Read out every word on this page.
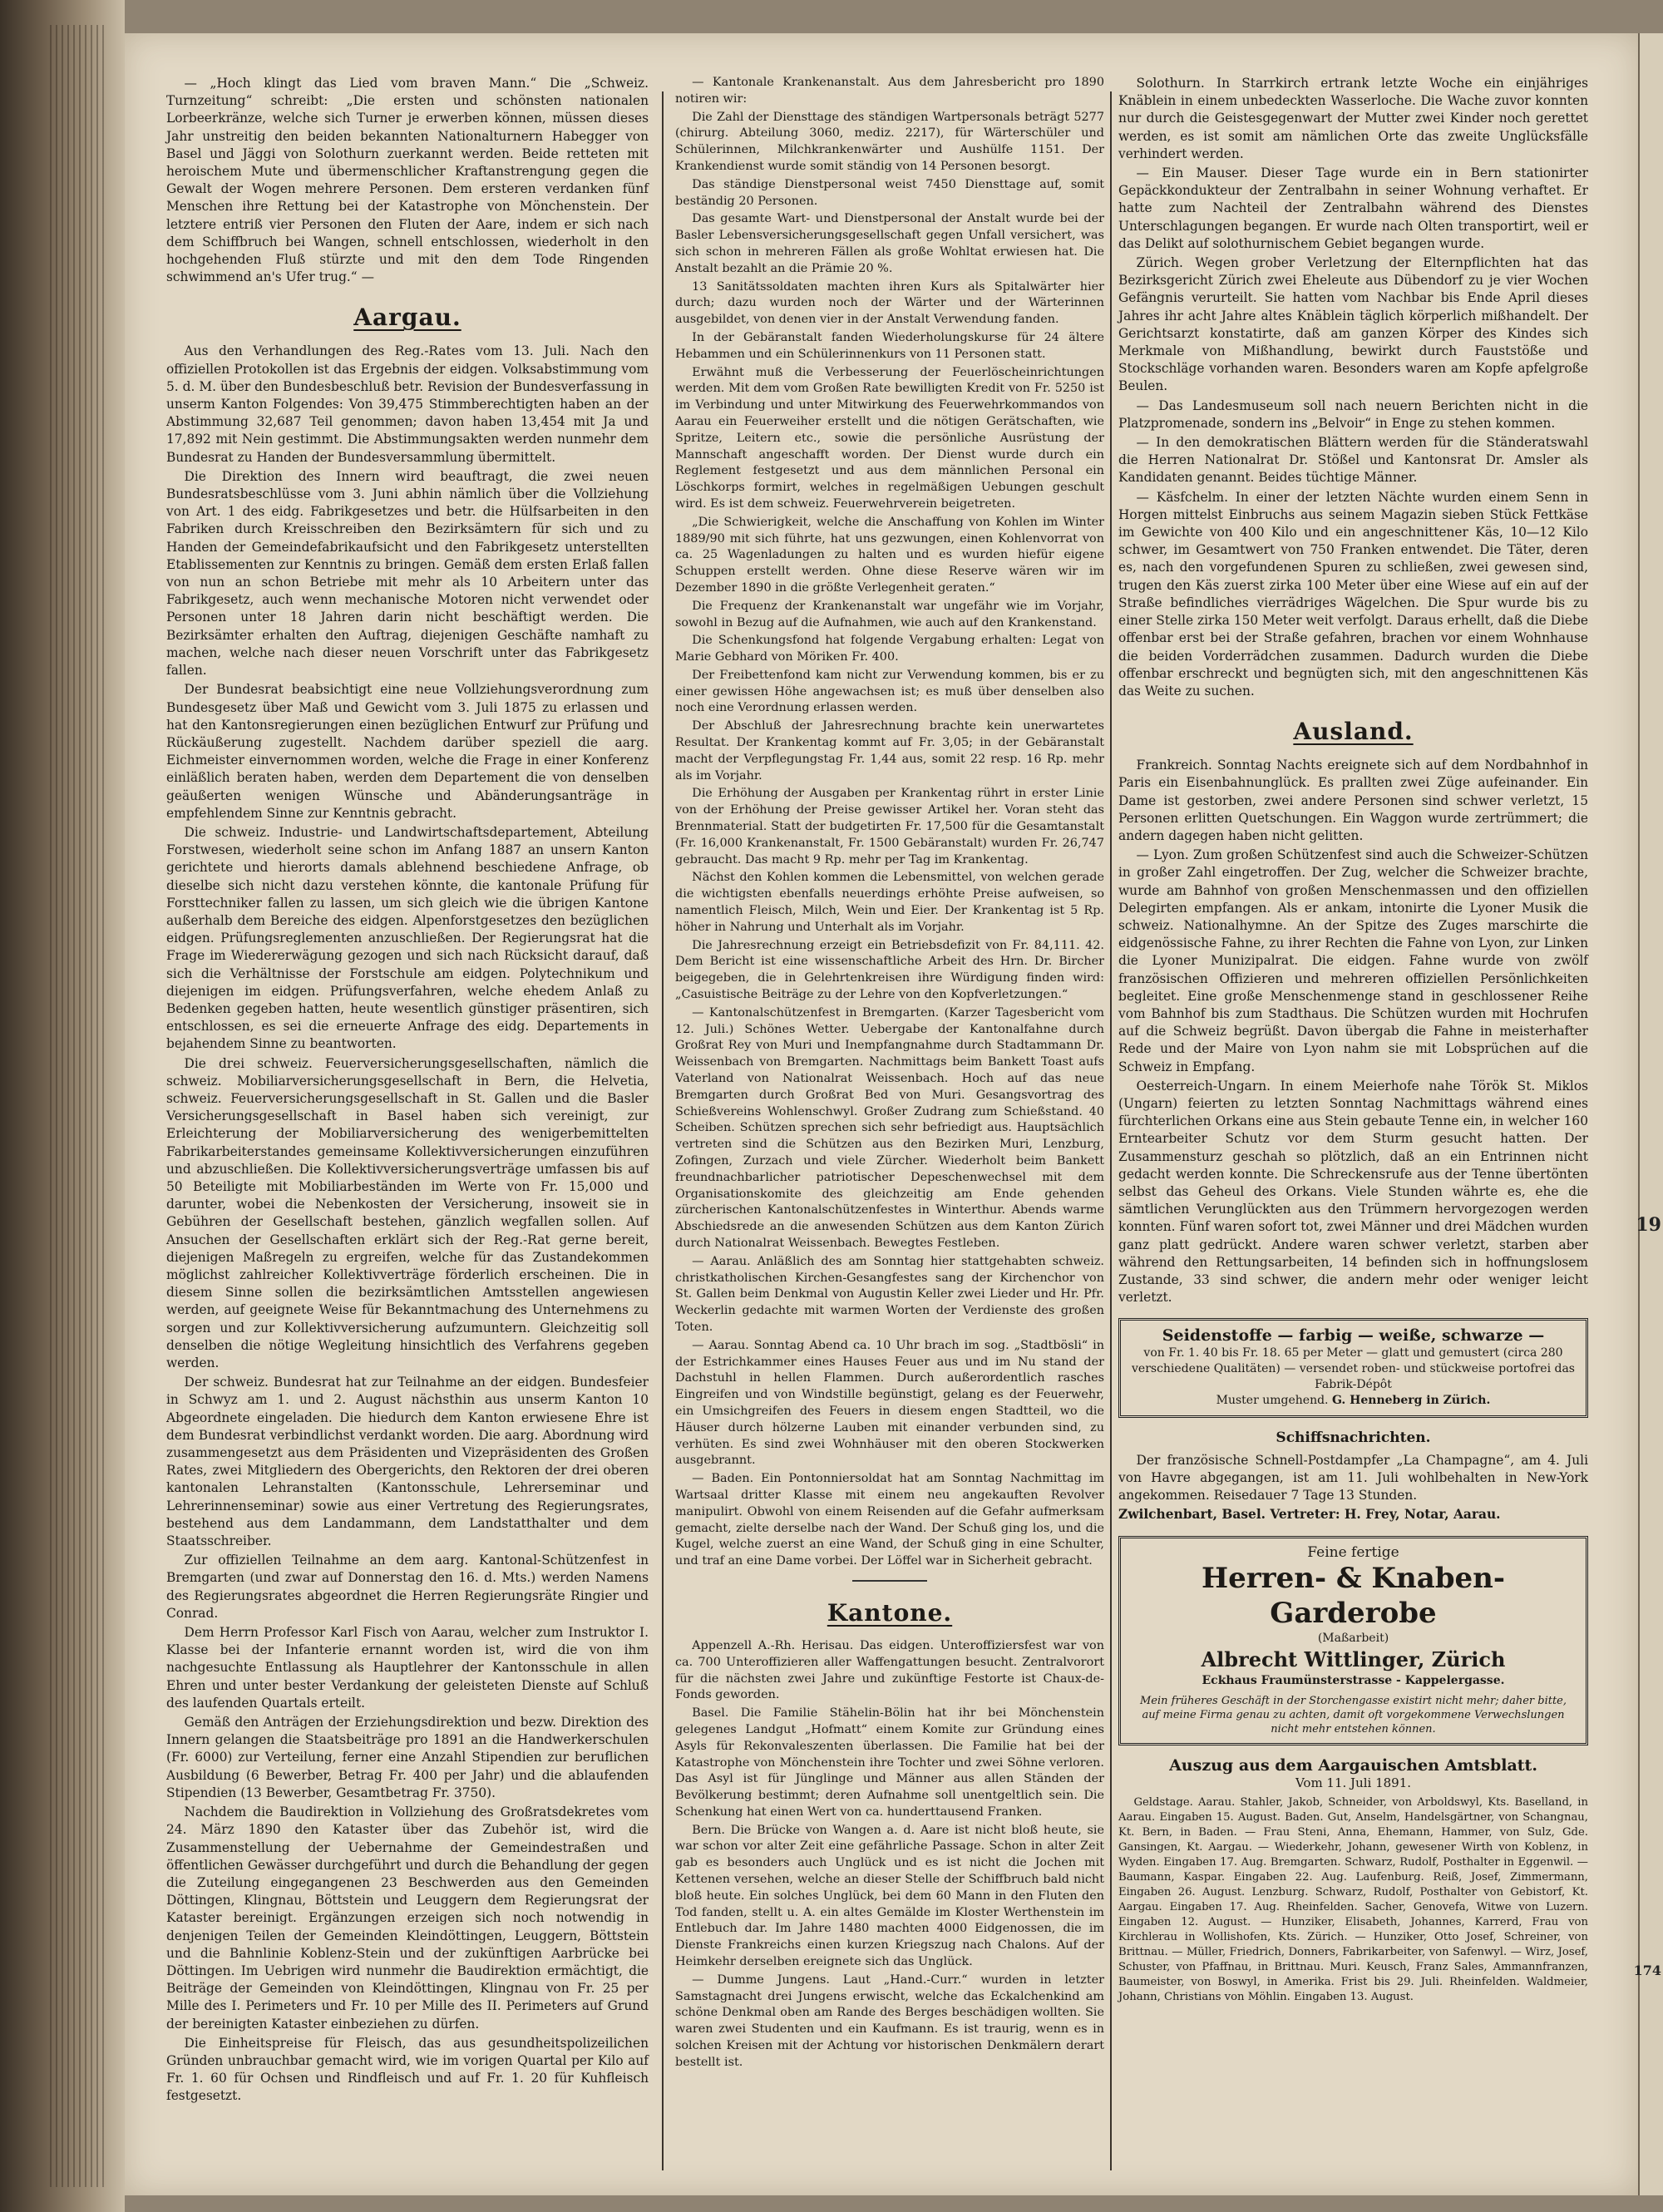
19
174

— „Hoch klingt das Lied vom braven Mann.“ Die „Schweiz. Turnzeitung“ schreibt: „Die ersten und schönsten nationalen Lorbeerkränze, welche sich Turner je erwerben können, müssen dieses Jahr unstreitig den beiden bekannten Nationalturnern Habegger von Basel und Jäggi von Solothurn zuerkannt werden. Beide retteten mit heroischem Mute und übermenschlicher Kraftanstrengung gegen die Gewalt der Wogen mehrere Personen. Dem ersteren verdanken fünf Menschen ihre Rettung bei der Katastrophe von Mönchenstein. Der letztere entriß vier Personen den Fluten der Aare, indem er sich nach dem Schiffbruch bei Wangen, schnell entschlossen, wiederholt in den hochgehenden Fluß stürzte und mit den dem Tode Ringenden schwimmend an's Ufer trug.“ —

Aargau.

Aus den Verhandlungen des Reg.-Rates vom 13. Juli. Nach den offiziellen Protokollen ist das Ergebnis der eidgen. Volksabstimmung vom 5. d. M. über den Bundesbeschluß betr. Revision der Bundesverfassung in unserm Kanton Folgendes: Von 39,475 Stimmberechtigten haben an der Abstimmung 32,687 Teil genommen; davon haben 13,454 mit Ja und 17,892 mit Nein gestimmt. Die Abstimmungsakten werden nunmehr dem Bundesrat zu Handen der Bundesversammlung übermittelt.

Die Direktion des Innern wird beauftragt, die zwei neuen Bundesratsbeschlüsse vom 3. Juni abhin nämlich über die Vollziehung von Art. 1 des eidg. Fabrikgesetzes und betr. die Hülfsarbeiten in den Fabriken durch Kreisschreiben den Bezirksämtern für sich und zu Handen der Gemeindefabrikaufsicht und den Fabrikgesetz unterstellten Etablissementen zur Kenntnis zu bringen. Gemäß dem ersten Erlaß fallen von nun an schon Betriebe mit mehr als 10 Arbeitern unter das Fabrikgesetz, auch wenn mechanische Motoren nicht verwendet oder Personen unter 18 Jahren darin nicht beschäftigt werden. Die Bezirksämter erhalten den Auftrag, diejenigen Geschäfte namhaft zu machen, welche nach dieser neuen Vorschrift unter das Fabrikgesetz fallen.

Der Bundesrat beabsichtigt eine neue Vollziehungsverordnung zum Bundesgesetz über Maß und Gewicht vom 3. Juli 1875 zu erlassen und hat den Kantonsregierungen einen bezüglichen Entwurf zur Prüfung und Rückäußerung zugestellt. Nachdem darüber speziell die aarg. Eichmeister einvernommen worden, welche die Frage in einer Konferenz einläßlich beraten haben, werden dem Departement die von denselben geäußerten wenigen Wünsche und Abänderungsanträge in empfehlendem Sinne zur Kenntnis gebracht.

Die schweiz. Industrie- und Landwirtschaftsdepartement, Abteilung Forstwesen, wiederholt seine schon im Anfang 1887 an unsern Kanton gerichtete und hierorts damals ablehnend beschiedene Anfrage, ob dieselbe sich nicht dazu verstehen könnte, die kantonale Prüfung für Forsttechniker fallen zu lassen, um sich gleich wie die übrigen Kantone außerhalb dem Bereiche des eidgen. Alpenforstgesetzes den bezüglichen eidgen. Prüfungsreglementen anzuschließen. Der Regierungsrat hat die Frage im Wiedererwägung gezogen und sich nach Rücksicht darauf, daß sich die Verhältnisse der Forstschule am eidgen. Polytechnikum und diejenigen im eidgen. Prüfungsverfahren, welche ehedem Anlaß zu Bedenken gegeben hatten, heute wesentlich günstiger präsentiren, sich entschlossen, es sei die erneuerte Anfrage des eidg. Departements in bejahendem Sinne zu beantworten.

Die drei schweiz. Feuerversicherungsgesellschaften, nämlich die schweiz. Mobiliarversicherungsgesellschaft in Bern, die Helvetia, schweiz. Feuerversicherungsgesellschaft in St. Gallen und die Basler Versicherungsgesellschaft in Basel haben sich vereinigt, zur Erleichterung der Mobiliarversicherung des wenigerbemittelten Fabrikarbeiterstandes gemeinsame Kollektivversicherungen einzuführen und abzuschließen. Die Kollektivversicherungsverträge umfassen bis auf 50 Beteiligte mit Mobiliarbeständen im Werte von Fr. 15,000 und darunter, wobei die Nebenkosten der Versicherung, insoweit sie in Gebühren der Gesellschaft bestehen, gänzlich wegfallen sollen. Auf Ansuchen der Gesellschaften erklärt sich der Reg.-Rat gerne bereit, diejenigen Maßregeln zu ergreifen, welche für das Zustandekommen möglichst zahlreicher Kollektivverträge förderlich erscheinen. Die in diesem Sinne sollen die bezirksämtlichen Amtsstellen angewiesen werden, auf geeignete Weise für Bekanntmachung des Unternehmens zu sorgen und zur Kollektivversicherung aufzumuntern. Gleichzeitig soll denselben die nötige Wegleitung hinsichtlich des Verfahrens gegeben werden.

Der schweiz. Bundesrat hat zur Teilnahme an der eidgen. Bundesfeier in Schwyz am 1. und 2. August nächsthin aus unserm Kanton 10 Abgeordnete eingeladen. Die hiedurch dem Kanton erwiesene Ehre ist dem Bundesrat verbindlichst verdankt worden. Die aarg. Abordnung wird zusammengesetzt aus dem Präsidenten und Vizepräsidenten des Großen Rates, zwei Mitgliedern des Obergerichts, den Rektoren der drei oberen kantonalen Lehranstalten (Kantonsschule, Lehrerseminar und Lehrerinnenseminar) sowie aus einer Vertretung des Regierungsrates, bestehend aus dem Landammann, dem Landstatthalter und dem Staatsschreiber.

Zur offiziellen Teilnahme an dem aarg. Kantonal-Schützenfest in Bremgarten (und zwar auf Donnerstag den 16. d. Mts.) werden Namens des Regierungsrates abgeordnet die Herren Regierungsräte Ringier und Conrad.

Dem Herrn Professor Karl Fisch von Aarau, welcher zum Instruktor I. Klasse bei der Infanterie ernannt worden ist, wird die von ihm nachgesuchte Entlassung als Hauptlehrer der Kantonsschule in allen Ehren und unter bester Verdankung der geleisteten Dienste auf Schluß des laufenden Quartals erteilt.

Gemäß den Anträgen der Erziehungsdirektion und bezw. Direktion des Innern gelangen die Staatsbeiträge pro 1891 an die Handwerkerschulen (Fr. 6000) zur Verteilung, ferner eine Anzahl Stipendien zur beruflichen Ausbildung (6 Bewerber, Betrag Fr. 400 per Jahr) und die ablaufenden Stipendien (13 Bewerber, Gesamtbetrag Fr. 3750).

Nachdem die Baudirektion in Vollziehung des Großratsdekretes vom 24. März 1890 den Kataster über das Zubehör ist, wird die Zusammenstellung der Uebernahme der Gemeindestraßen und öffentlichen Gewässer durchgeführt und durch die Behandlung der gegen die Zuteilung eingegangenen 23 Beschwerden aus den Gemeinden Döttingen, Klingnau, Böttstein und Leuggern dem Regierungsrat der Kataster bereinigt. Ergänzungen erzeigen sich noch notwendig in denjenigen Teilen der Gemeinden Kleindöttingen, Leuggern, Böttstein und die Bahnlinie Koblenz-Stein und der zukünftigen Aarbrücke bei Döttingen. Im Uebrigen wird nunmehr die Baudirektion ermächtigt, die Beiträge der Gemeinden von Kleindöttingen, Klingnau von Fr. 25 per Mille des I. Perimeters und Fr. 10 per Mille des II. Perimeters auf Grund der bereinigten Kataster einbeziehen zu dürfen.

Die Einheitspreise für Fleisch, das aus gesundheitspolizeilichen Gründen unbrauchbar gemacht wird, wie im vorigen Quartal per Kilo auf Fr. 1. 60 für Ochsen und Rindfleisch und auf Fr. 1. 20 für Kuhfleisch festgesetzt.

— Kantonale Krankenanstalt. Aus dem Jahresbericht pro 1890 notiren wir:

Die Zahl der Diensttage des ständigen Wartpersonals beträgt 5277 (chirurg. Abteilung 3060, mediz. 2217), für Wärterschüler und Schülerinnen, Milchkrankenwärter und Aushülfe 1151. Der Krankendienst wurde somit ständig von 14 Personen besorgt.

Das ständige Dienstpersonal weist 7450 Diensttage auf, somit beständig 20 Personen.

Das gesamte Wart- und Dienstpersonal der Anstalt wurde bei der Basler Lebensversicherungsgesellschaft gegen Unfall versichert, was sich schon in mehreren Fällen als große Wohltat erwiesen hat. Die Anstalt bezahlt an die Prämie 20 %.

13 Sanitätssoldaten machten ihren Kurs als Spitalwärter hier durch; dazu wurden noch der Wärter und der Wärterinnen ausgebildet, von denen vier in der Anstalt Verwendung fanden.

In der Gebäranstalt fanden Wiederholungskurse für 24 ältere Hebammen und ein Schülerinnenkurs von 11 Personen statt.

Erwähnt muß die Verbesserung der Feuerlöscheinrichtungen werden. Mit dem vom Großen Rate bewilligten Kredit von Fr. 5250 ist im Verbindung und unter Mitwirkung des Feuerwehrkommandos von Aarau ein Feuerweiher erstellt und die nötigen Gerätschaften, wie Spritze, Leitern etc., sowie die persönliche Ausrüstung der Mannschaft angeschafft worden. Der Dienst wurde durch ein Reglement festgesetzt und aus dem männlichen Personal ein Löschkorps formirt, welches in regelmäßigen Uebungen geschult wird. Es ist dem schweiz. Feuerwehrverein beigetreten.

„Die Schwierigkeit, welche die Anschaffung von Kohlen im Winter 1889/90 mit sich führte, hat uns gezwungen, einen Kohlenvorrat von ca. 25 Wagenladungen zu halten und es wurden hiefür eigene Schuppen erstellt werden. Ohne diese Reserve wären wir im Dezember 1890 in die größte Verlegenheit geraten.“

Die Frequenz der Krankenanstalt war ungefähr wie im Vorjahr, sowohl in Bezug auf die Aufnahmen, wie auch auf den Krankenstand.

Die Schenkungsfond hat folgende Vergabung erhalten: Legat von Marie Gebhard von Möriken Fr. 400.

Der Freibettenfond kam nicht zur Verwendung kommen, bis er zu einer gewissen Höhe angewachsen ist; es muß über denselben also noch eine Verordnung erlassen werden.

Der Abschluß der Jahresrechnung brachte kein unerwartetes Resultat. Der Krankentag kommt auf Fr. 3,05; in der Gebäranstalt macht der Verpflegungstag Fr. 1,44 aus, somit 22 resp. 16 Rp. mehr als im Vorjahr.

Die Erhöhung der Ausgaben per Krankentag rührt in erster Linie von der Erhöhung der Preise gewisser Artikel her. Voran steht das Brennmaterial. Statt der budgetirten Fr. 17,500 für die Gesamtanstalt (Fr. 16,000 Krankenanstalt, Fr. 1500 Gebäranstalt) wurden Fr. 26,747 gebraucht. Das macht 9 Rp. mehr per Tag im Krankentag.

Nächst den Kohlen kommen die Lebensmittel, von welchen gerade die wichtigsten ebenfalls neuerdings erhöhte Preise aufweisen, so namentlich Fleisch, Milch, Wein und Eier. Der Krankentag ist 5 Rp. höher in Nahrung und Unterhalt als im Vorjahr.

Die Jahresrechnung erzeigt ein Betriebsdefizit von Fr. 84,111. 42. Dem Bericht ist eine wissenschaftliche Arbeit des Hrn. Dr. Bircher beigegeben, die in Gelehrtenkreisen ihre Würdigung finden wird: „Casuistische Beiträge zu der Lehre von den Kopfverletzungen.“

— Kantonalschützenfest in Bremgarten. (Karzer Tagesbericht vom 12. Juli.) Schönes Wetter. Uebergabe der Kantonalfahne durch Großrat Rey von Muri und Inempfangnahme durch Stadtammann Dr. Weissenbach von Bremgarten. Nachmittags beim Bankett Toast aufs Vaterland von Nationalrat Weissenbach. Hoch auf das neue Bremgarten durch Großrat Bed von Muri. Gesangsvortrag des Schießvereins Wohlenschwyl. Großer Zudrang zum Schießstand. 40 Scheiben. Schützen sprechen sich sehr befriedigt aus. Hauptsächlich vertreten sind die Schützen aus den Bezirken Muri, Lenzburg, Zofingen, Zurzach und viele Zürcher. Wiederholt beim Bankett freundnachbarlicher patriotischer Depeschenwechsel mit dem Organisationskomite des gleichzeitig am Ende gehenden zürcherischen Kantonalschützenfestes in Winterthur. Abends warme Abschiedsrede an die anwesenden Schützen aus dem Kanton Zürich durch Nationalrat Weissenbach. Bewegtes Festleben.

— Aarau. Anläßlich des am Sonntag hier stattgehabten schweiz. christkatholischen Kirchen-Gesangfestes sang der Kirchenchor von St. Gallen beim Denkmal von Augustin Keller zwei Lieder und Hr. Pfr. Weckerlin gedachte mit warmen Worten der Verdienste des großen Toten.

— Aarau. Sonntag Abend ca. 10 Uhr brach im sog. „Stadtbösli“ in der Estrichkammer eines Hauses Feuer aus und im Nu stand der Dachstuhl in hellen Flammen. Durch außerordentlich rasches Eingreifen und von Windstille begünstigt, gelang es der Feuerwehr, ein Umsichgreifen des Feuers in diesem engen Stadtteil, wo die Häuser durch hölzerne Lauben mit einander verbunden sind, zu verhüten. Es sind zwei Wohnhäuser mit den oberen Stockwerken ausgebrannt.

— Baden. Ein Pontonniersoldat hat am Sonntag Nachmittag im Wartsaal dritter Klasse mit einem neu angekauften Revolver manipulirt. Obwohl von einem Reisenden auf die Gefahr aufmerksam gemacht, zielte derselbe nach der Wand. Der Schuß ging los, und die Kugel, welche zuerst an eine Wand, der Schuß ging in eine Schulter, und traf an eine Dame vorbei. Der Löffel war in Sicherheit gebracht.

Kantone.

Appenzell A.-Rh. Herisau. Das eidgen. Unteroffiziersfest war von ca. 700 Unteroffizieren aller Waffengattungen besucht. Zentralvorort für die nächsten zwei Jahre und zukünftige Festorte ist Chaux-de-Fonds geworden.

Basel. Die Familie Stähelin-Bölin hat ihr bei Mönchenstein gelegenes Landgut „Hofmatt“ einem Komite zur Gründung eines Asyls für Rekonvaleszenten überlassen. Die Familie hat bei der Katastrophe von Mönchenstein ihre Tochter und zwei Söhne verloren. Das Asyl ist für Jünglinge und Männer aus allen Ständen der Bevölkerung bestimmt; deren Aufnahme soll unentgeltlich sein. Die Schenkung hat einen Wert von ca. hunderttausend Franken.

Bern. Die Brücke von Wangen a. d. Aare ist nicht bloß heute, sie war schon vor alter Zeit eine gefährliche Passage. Schon in alter Zeit gab es besonders auch Unglück und es ist nicht die Jochen mit Kettenen versehen, welche an dieser Stelle der Schiffbruch bald nicht bloß heute. Ein solches Unglück, bei dem 60 Mann in den Fluten den Tod fanden, stellt u. A. ein altes Gemälde im Kloster Werthenstein im Entlebuch dar. Im Jahre 1480 machten 4000 Eidgenossen, die im Dienste Frankreichs einen kurzen Kriegszug nach Chalons. Auf der Heimkehr derselben ereignete sich das Unglück.

— Dumme Jungens. Laut „Hand.-Curr.“ wurden in letzter Samstagnacht drei Jungens erwischt, welche das Eckalchenkind am schöne Denkmal oben am Rande des Berges beschädigen wollten. Sie waren zwei Studenten und ein Kaufmann. Es ist traurig, wenn es in solchen Kreisen mit der Achtung vor historischen Denkmälern derart bestellt ist.

Solothurn. In Starrkirch ertrank letzte Woche ein einjähriges Knäblein in einem unbedeckten Wasserloche. Die Wache zuvor konnten nur durch die Geistesgegenwart der Mutter zwei Kinder noch gerettet werden, es ist somit am nämlichen Orte das zweite Unglücksfälle verhindert werden.

— Ein Mauser. Dieser Tage wurde ein in Bern stationirter Gepäckkondukteur der Zentralbahn in seiner Wohnung verhaftet. Er hatte zum Nachteil der Zentralbahn während des Dienstes Unterschlagungen begangen. Er wurde nach Olten transportirt, weil er das Delikt auf solothurnischem Gebiet begangen wurde.

Zürich. Wegen grober Verletzung der Elternpflichten hat das Bezirksgericht Zürich zwei Eheleute aus Dübendorf zu je vier Wochen Gefängnis verurteilt. Sie hatten vom Nachbar bis Ende April dieses Jahres ihr acht Jahre altes Knäblein täglich körperlich mißhandelt. Der Gerichtsarzt konstatirte, daß am ganzen Körper des Kindes sich Merkmale von Mißhandlung, bewirkt durch Fauststöße und Stockschläge vorhanden waren. Besonders waren am Kopfe apfelgroße Beulen.

— Das Landesmuseum soll nach neuern Berichten nicht in die Platzpromenade, sondern ins „Belvoir“ in Enge zu stehen kommen.

— In den demokratischen Blättern werden für die Ständeratswahl die Herren Nationalrat Dr. Stößel und Kantonsrat Dr. Amsler als Kandidaten genannt. Beides tüchtige Männer.

— Käsfchelm. In einer der letzten Nächte wurden einem Senn in Horgen mittelst Einbruchs aus seinem Magazin sieben Stück Fettkäse im Gewichte von 400 Kilo und ein angeschnittener Käs, 10—12 Kilo schwer, im Gesamtwert von 750 Franken entwendet. Die Täter, deren es, nach den vorgefundenen Spuren zu schließen, zwei gewesen sind, trugen den Käs zuerst zirka 100 Meter über eine Wiese auf ein auf der Straße befindliches vierrädriges Wägelchen. Die Spur wurde bis zu einer Stelle zirka 150 Meter weit verfolgt. Daraus erhellt, daß die Diebe offenbar erst bei der Straße gefahren, brachen vor einem Wohnhause die beiden Vorderrädchen zusammen. Dadurch wurden die Diebe offenbar erschreckt und begnügten sich, mit den angeschnittenen Käs das Weite zu suchen.

Ausland.

Frankreich. Sonntag Nachts ereignete sich auf dem Nordbahnhof in Paris ein Eisenbahnunglück. Es prallten zwei Züge aufeinander. Ein Dame ist gestorben, zwei andere Personen sind schwer verletzt, 15 Personen erlitten Quetschungen. Ein Waggon wurde zertrümmert; die andern dagegen haben nicht gelitten.

— Lyon. Zum großen Schützenfest sind auch die Schweizer-Schützen in großer Zahl eingetroffen. Der Zug, welcher die Schweizer brachte, wurde am Bahnhof von großen Menschenmassen und den offiziellen Delegirten empfangen. Als er ankam, intonirte die Lyoner Musik die schweiz. Nationalhymne. An der Spitze des Zuges marschirte die eidgenössische Fahne, zu ihrer Rechten die Fahne von Lyon, zur Linken die Lyoner Munizipalrat. Die eidgen. Fahne wurde von zwölf französischen Offizieren und mehreren offiziellen Persönlichkeiten begleitet. Eine große Menschenmenge stand in geschlossener Reihe vom Bahnhof bis zum Stadthaus. Die Schützen wurden mit Hochrufen auf die Schweiz begrüßt. Davon übergab die Fahne in meisterhafter Rede und der Maire von Lyon nahm sie mit Lobsprüchen auf die Schweiz in Empfang.

Oesterreich-Ungarn. In einem Meierhofe nahe Török St. Miklos (Ungarn) feierten zu letzten Sonntag Nachmittags während eines fürchterlichen Orkans eine aus Stein gebaute Tenne ein, in welcher 160 Erntearbeiter Schutz vor dem Sturm gesucht hatten. Der Zusammensturz geschah so plötzlich, daß an ein Entrinnen nicht gedacht werden konnte. Die Schreckensrufe aus der Tenne übertönten selbst das Geheul des Orkans. Viele Stunden währte es, ehe die sämtlichen Verunglückten aus den Trümmern hervorgezogen werden konnten. Fünf waren sofort tot, zwei Männer und drei Mädchen wurden ganz platt gedrückt. Andere waren schwer verletzt, starben aber während den Rettungsarbeiten, 14 befinden sich in hoffnungslosem Zustande, 33 sind schwer, die andern mehr oder weniger leicht verletzt.

Seidenstoffe — farbig — weiße, schwarze —
von Fr. 1. 40 bis Fr. 18. 65 per Meter — glatt und gemustert (circa 280 verschiedene Qualitäten) — versendet roben- und stückweise portofrei das Fabrik-Dépôt
Muster umgehend. G. Henneberg in Zürich.
Schiffsnachrichten.

Der französische Schnell-Postdampfer „La Champagne“, am 4. Juli von Havre abgegangen, ist am 11. Juli wohlbehalten in New-York angekommen. Reisedauer 7 Tage 13 Stunden.

Zwilchenbart, Basel. Vertreter: H. Frey, Notar, Aarau.

Feine fertige
Herren- & Knaben-Garderobe
(Maßarbeit)
Albrecht Wittlinger, Zürich
Eckhaus Fraumünsterstrasse - Kappelergasse.
Mein früheres Geschäft in der Storchengasse existirt nicht mehr; daher bitte, auf meine Firma genau zu achten, damit oft vorgekommene Verwechslungen nicht mehr entstehen können.
Auszug aus dem Aargauischen Amtsblatt.
Vom 11. Juli 1891.

Geldstage. Aarau. Stahler, Jakob, Schneider, von Arboldswyl, Kts. Baselland, in Aarau. Eingaben 15. August. Baden. Gut, Anselm, Handelsgärtner, von Schangnau, Kt. Bern, in Baden. — Frau Steni, Anna, Ehemann, Hammer, von Sulz, Gde. Gansingen, Kt. Aargau. — Wiederkehr, Johann, gewesener Wirth von Koblenz, in Wyden. Eingaben 17. Aug. Bremgarten. Schwarz, Rudolf, Posthalter in Eggenwil. — Baumann, Kaspar. Eingaben 22. Aug. Laufenburg. Reiß, Josef, Zimmermann, Eingaben 26. August. Lenzburg. Schwarz, Rudolf, Posthalter von Gebistorf, Kt. Aargau. Eingaben 17. Aug. Rheinfelden. Sacher, Genovefa, Witwe von Luzern. Eingaben 12. August. — Hunziker, Elisabeth, Johannes, Karrerd, Frau von Kirchlerau in Wollishofen, Kts. Zürich. — Hunziker, Otto Josef, Schreiner, von Brittnau. — Müller, Friedrich, Donners, Fabrikarbeiter, von Safenwyl. — Wirz, Josef, Schuster, von Pfaffnau, in Brittnau. Muri. Keusch, Franz Sales, Ammannfranzen, Baumeister, von Boswyl, in Amerika. Frist bis 29. Juli. Rheinfelden. Waldmeier, Johann, Christians von Möhlin. Eingaben 13. August.
